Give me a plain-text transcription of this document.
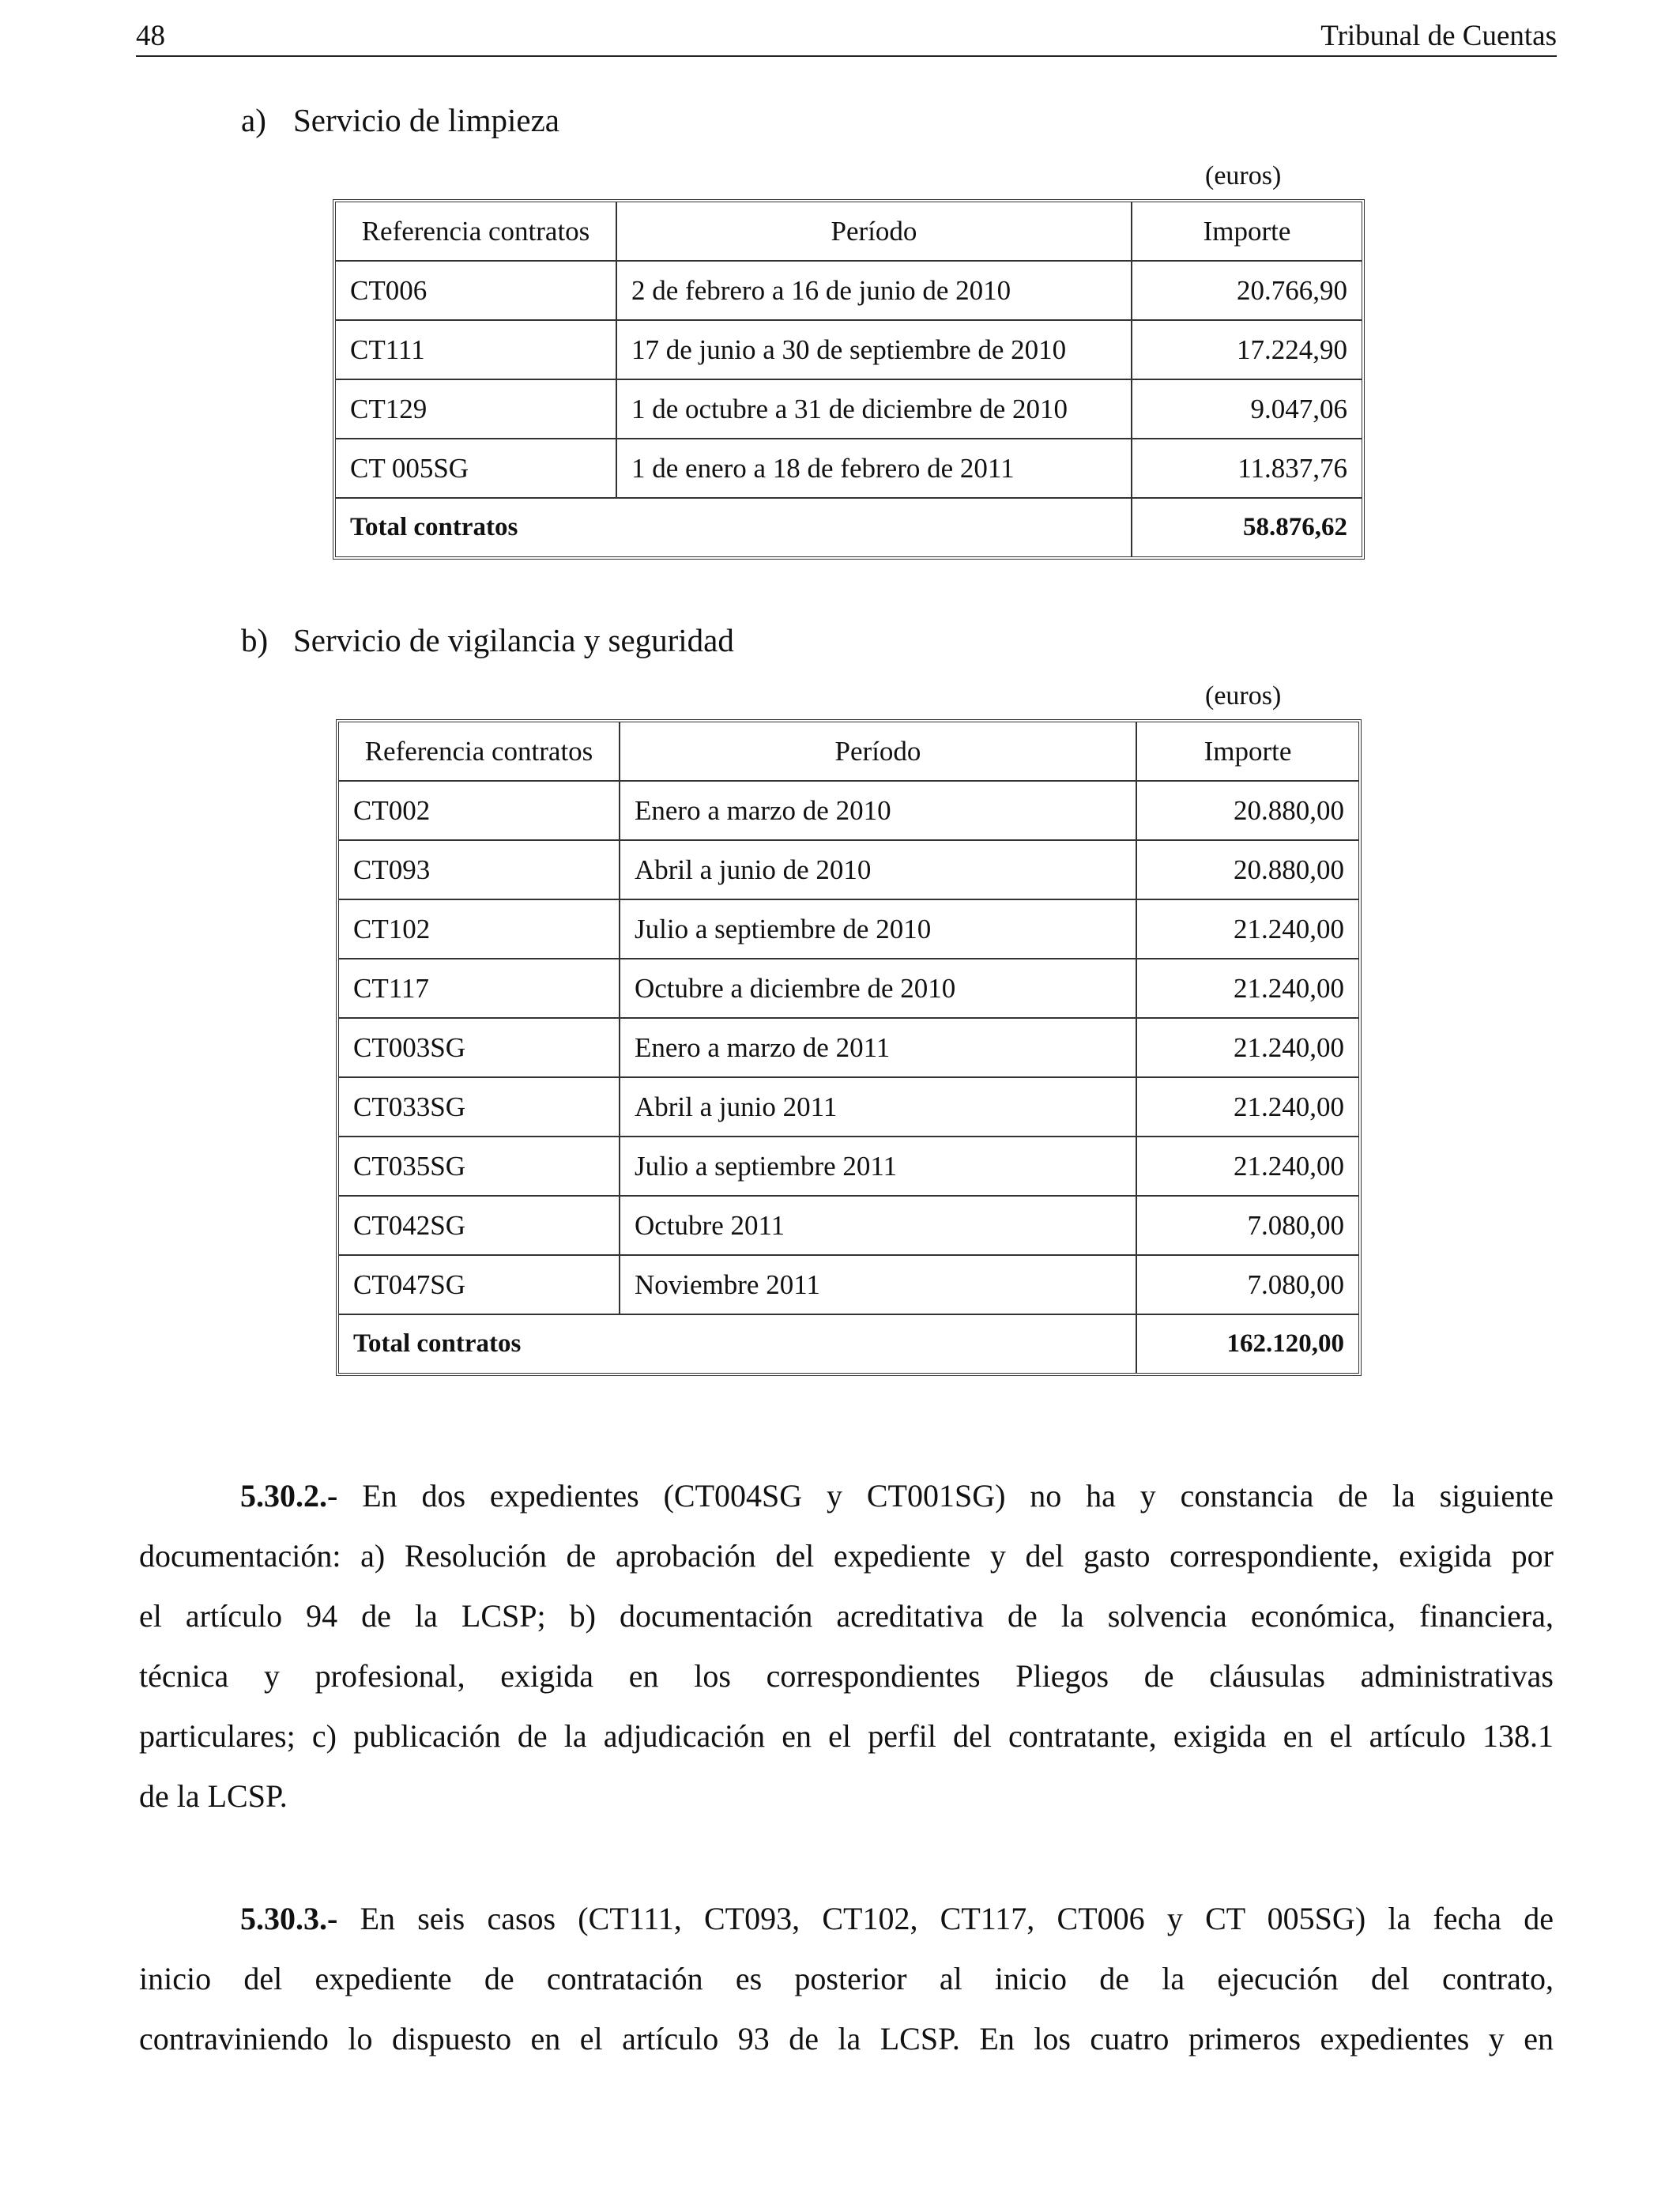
48	Tribunal de Cuentas
a) Servicio de limpieza
(euros)
Referencia contratos	Período	Importe
CT006	2 de febrero a 16 de junio de 2010	20.766,90
CT111	17 de junio a 30 de septiembre de 2010	17.224,90
CT129	1 de octubre a 31 de diciembre de 2010	9.047,06
CT 005SG	1 de enero a 18 de febrero de 2011	11.837,76
Total contratos		58.876,62
b) Servicio de vigilancia y seguridad
(euros)
Referencia contratos	Período	Importe
CT002	Enero a marzo de 2010	20.880,00
CT093	Abril a junio de 2010	20.880,00
CT102	Julio a septiembre de 2010	21.240,00
CT117	Octubre a diciembre de 2010	21.240,00
CT003SG	Enero a marzo de 2011	21.240,00
CT033SG	Abril a junio 2011	21.240,00
CT035SG	Julio a septiembre 2011	21.240,00
CT042SG	Octubre 2011	7.080,00
CT047SG	Noviembre 2011	7.080,00
Total contratos		162.120,00
5.30.2.- En dos expedientes (CT004SG y CT001SG) no ha y constancia de la siguiente
documentación: a) Resolución de aprobación del expediente y del gasto correspondiente, exigida por
el artículo 94 de la LCSP; b) documentación acreditativa de la solvencia económica, financiera,
técnica y profesional, exigida en los correspondientes Pliegos de cláusulas administrativas
particulares; c) publicación de la adjudicación en el perfil del contratante, exigida en el artículo 138.1
de la LCSP.
5.30.3.- En seis casos (CT111, CT093, CT102, CT117, CT006 y CT 005SG) la fecha de
inicio del expediente de contratación es posterior al inicio de la ejecución del contrato,
contraviniendo lo dispuesto en el artículo 93 de la LCSP. En los cuatro primeros expedientes y en
